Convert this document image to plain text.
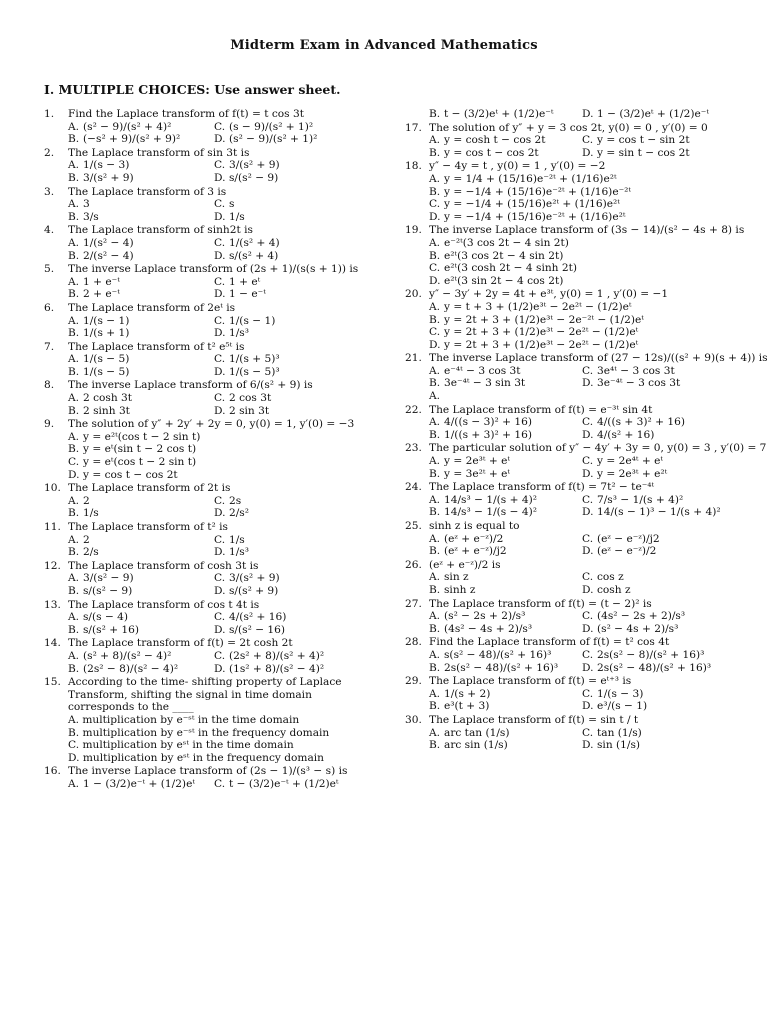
Midterm Exam in Advanced Mathematics
I. MULTIPLE CHOICES: Use answer sheet.
1.	Find the Laplace transform of f(t) = t cos 3t
A. (s² − 9)/(s² + 4)²	C. (s − 9)/(s² + 1)²
B. (−s² + 9)/(s² + 9)²	D. (s² − 9)/(s² + 1)²
2.	The Laplace transform of sin 3t is
A. 1/(s − 3)	C. 3/(s² + 9)
B. 3/(s² + 9)	D. s/(s² − 9)
3.	The Laplace transform of 3 is
A. 3	C. s
B. 3/s	D. 1/s
4.	The Laplace transform of sinh2t is
A. 1/(s² − 4)	C. 1/(s² + 4)
B. 2/(s² − 4)	D. s/(s² + 4)
5.	The inverse Laplace transform of (2s + 1)/(s(s + 1)) is
A. 1 + e⁻ᵗ	C. 1 + eᵗ
B. 2 + e⁻ᵗ	D. 1 − e⁻ᵗ
6.	The Laplace transform of 2eᵗ is
A. 1/(s − 1)	C. 1/(s − 1)
B. 1/(s + 1)	D. 1/s³
7.	The Laplace transform of t² e⁵ᵗ is
A. 1/(s − 5)	C. 1/(s + 5)³
B. 1/(s − 5)	D. 1/(s − 5)³
8.	The inverse Laplace transform of 6/(s² + 9) is
A. 2 cosh 3t	C. 2 cos 3t
B. 2 sinh 3t	D. 2 sin 3t
9.	The solution of y″ + 2y′ + 2y = 0, y(0) = 1, y′(0) = −3
A. y = e²ᵗ(cos t − 2 sin t)
B. y = eᵗ(sin t − 2 cos t)
C. y = eᵗ(cos t − 2 sin t)
D. y = cos t − cos 2t
10. The Laplace transform of 2t is
A. 2	C. 2s
B. 1/s	D. 2/s²
11. The Laplace transform of t² is
A. 2	C. 1/s
B. 2/s	D. 1/s³
12. The Laplace transform of cosh 3t is
A. 3/(s² − 9)	C. 3/(s² + 9)
B. s/(s² − 9)	D. s/(s² + 9)
13. The Laplace transform of cos t 4t is
A. s/(s − 4)	C. 4/(s² + 16)
B. s/(s² + 16)	D. s/(s² − 16)
14. The Laplace transform of f(t) = 2t cosh 2t
A. (s² + 8)/(s² − 4)²	C. (2s² + 8)/(s² + 4)²
B. (2s² − 8)/(s² − 4)²	D. (1s² + 8)/(s² − 4)²
15. According to the time- shifting property of Laplace Transform, shifting the signal in time domain corresponds to the ____
A. multiplication by e⁻ˢᵗ in the time domain
B. multiplication by e⁻ˢᵗ in the frequency domain
C. multiplication by eˢᵗ in the time domain
D. multiplication by eˢᵗ in the frequency domain
16. The inverse Laplace transform of (2s − 1)/(s³ − s) is
A. 1 − (3/2)e⁻ᵗ + (1/2)eᵗ	C. t − (3/2)e⁻ᵗ + (1/2)eᵗ
B. t − (3/2)eᵗ + (1/2)e⁻ᵗ	D. 1 − (3/2)eᵗ + (1/2)e⁻ᵗ
17. The solution of y″ + y = 3 cos 2t, y(0) = 0 , y′(0) = 0
A. y = cosh t − cos 2t	C. y = cos t − sin 2t
B. y = cos t − cos 2t	D. y = sin t − cos 2t
18. y″ − 4y = t , y(0) = 1 , y′(0) = −2
A. y = 1/4 + (15/16)e⁻²ᵗ + (1/16)e²ᵗ
B. y = −1/4 + (15/16)e⁻²ᵗ + (1/16)e⁻²ᵗ
C. y = −1/4 + (15/16)e²ᵗ + (1/16)e²ᵗ
D. y = −1/4 + (15/16)e⁻²ᵗ + (1/16)e²ᵗ
19. The inverse Laplace transform of (3s − 14)/(s² − 4s + 8) is
A. e⁻²ᵗ(3 cos 2t − 4 sin 2t)
B. e²ᵗ(3 cos 2t − 4 sin 2t)
C. e²ᵗ(3 cosh 2t − 4 sinh 2t)
D. e²ᵗ(3 sin 2t − 4 cos 2t)
20. y″ − 3y′ + 2y = 4t + e³ᵗ, y(0) = 1 , y′(0) = −1
A. y = t + 3 + (1/2)e³ᵗ − 2e²ᵗ − (1/2)eᵗ
B. y = 2t + 3 + (1/2)e³ᵗ − 2e⁻²ᵗ − (1/2)eᵗ
C. y = 2t + 3 + (1/2)e³ᵗ − 2e²ᵗ − (1/2)eᵗ
D. y = 2t + 3 + (1/2)e³ᵗ − 2e²ᵗ − (1/2)eᵗ
21. The inverse Laplace transform of (27 − 12s)/((s² + 9)(s + 4)) is
A. e⁻⁴ᵗ − 3 cos 3t	C. 3e⁴ᵗ − 3 cos 3t
B. 3e⁻⁴ᵗ − 3 sin 3t	D. 3e⁻⁴ᵗ − 3 cos 3t
A.
22. The Laplace transform of f(t) = e⁻³ᵗ sin 4t
A. 4/((s − 3)² + 16)	C. 4/((s + 3)² + 16)
B. 1/((s + 3)² + 16)	D. 4/(s² + 16)
23. The particular solution of y″ − 4y′ + 3y = 0, y(0) = 3 , y′(0) = 7
A. y = 2e³ᵗ + eᵗ	C. y = 2e⁴ᵗ + eᵗ
B. y = 3e²ᵗ + eᵗ	D. y = 2e³ᵗ + e²ᵗ
24. The Laplace transform of f(t) = 7t² − te⁻⁴ᵗ
A. 14/s³ − 1/(s + 4)²	C. 7/s³ − 1/(s + 4)²
B. 14/s³ − 1/(s − 4)²	D. 14/(s − 1)³ − 1/(s + 4)²
25. sinh z is equal to
A. (eᶻ + e⁻ᶻ)/2	C. (eᶻ − e⁻ᶻ)/j2
B. (eᶻ + e⁻ᶻ)/j2	D. (eᶻ − e⁻ᶻ)/2
26. (eᶻ + e⁻ᶻ)/2 is
A. sin z	C. cos z
B. sinh z	D. cosh z
27. The Laplace transform of f(t) = (t − 2)² is
A. (s² − 2s + 2)/s³	C. (4s² − 2s + 2)/s³
B. (4s² − 4s + 2)/s³	D. (s² − 4s + 2)/s³
28. Find the Laplace transform of f(t) = t² cos 4t
A. s(s² − 48)/(s² + 16)³	C. 2s(s² − 8)/(s² + 16)³
B. 2s(s² − 48)/(s² + 16)³	D. 2s(s² − 48)/(s² + 16)³
29. The Laplace transform of f(t) = eᵗ⁺³ is
A. 1/(s + 2)	C. 1/(s − 3)
B. e³(t + 3)	D. e³/(s − 1)
30. The Laplace transform of f(t) = sin t / t
A. arc tan (1/s)	C. tan (1/s)
B. arc sin (1/s)	D. sin (1/s)
